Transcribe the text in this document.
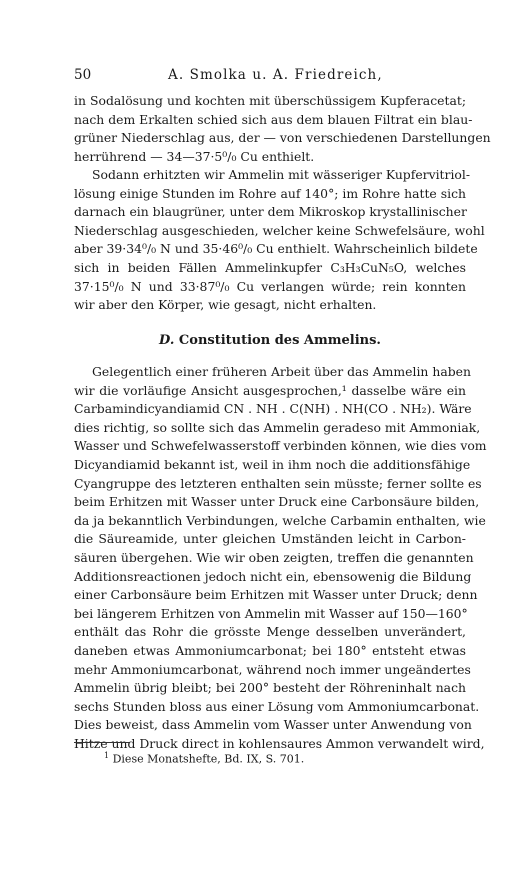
50	A. Smolka u. A. Friedreich,

in Sodalösung und kochten mit überschüssigem Kupferacetat;

nach dem Erkalten schied sich aus dem blauen Filtrat ein blau-

grüner Niederschlag aus, der — von verschiedenen Darstellungen

herrührend — 34—37·5⁰/₀ Cu enthielt.

Sodann erhitzten wir Ammelin mit wässeriger Kupfervitriol-

lösung einige Stunden im Rohre auf 140°; im Rohre hatte sich

darnach ein blaugrüner, unter dem Mikroskop krystallinischer

Niederschlag ausgeschieden, welcher keine Schwefelsäure, wohl

aber 39·34⁰/₀ N und 35·46⁰/₀ Cu enthielt. Wahrscheinlich bildete

sich in beiden Fällen Ammelinkupfer C₃H₃CuN₅O, welches

37·15⁰/₀ N und 33·87⁰/₀ Cu verlangen würde; rein konnten

wir aber den Körper, wie gesagt, nicht erhalten.

D. Constitution des Ammelins.

Gelegentlich einer früheren Arbeit über das Ammelin haben

wir die vorläufige Ansicht ausgesprochen,¹ dasselbe wäre ein

Carbamindicyandiamid CN . NH . C(NH) . NH(CO . NH₂). Wäre

dies richtig, so sollte sich das Ammelin geradeso mit Ammoniak,

Wasser und Schwefelwasserstoff verbinden können, wie dies vom

Dicyandiamid bekannt ist, weil in ihm noch die additionsfähige

Cyangruppe des letzteren enthalten sein müsste; ferner sollte es

beim Erhitzen mit Wasser unter Druck eine Carbonsäure bilden,

da ja bekanntlich Verbindungen, welche Carbamin enthalten, wie

die Säureamide, unter gleichen Umständen leicht in Carbon-

säuren übergehen. Wie wir oben zeigten, treffen die genannten

Additionsreactionen jedoch nicht ein, ebensowenig die Bildung

einer Carbonsäure beim Erhitzen mit Wasser unter Druck; denn

bei längerem Erhitzen von Ammelin mit Wasser auf 150—160°

enthält das Rohr die grösste Menge desselben unverändert,

daneben etwas Ammoniumcarbonat; bei 180° entsteht etwas

mehr Ammoniumcarbonat, während noch immer ungeändertes

Ammelin übrig bleibt; bei 200° besteht der Röhreninhalt nach

sechs Stunden bloss aus einer Lösung vom Ammoniumcarbonat.

Dies beweist, dass Ammelin vom Wasser unter Anwendung von

Hitze und Druck direct in kohlensaures Ammon verwandelt wird,

$^1$ Diese Monatshefte, Bd. IX, S. 701.
